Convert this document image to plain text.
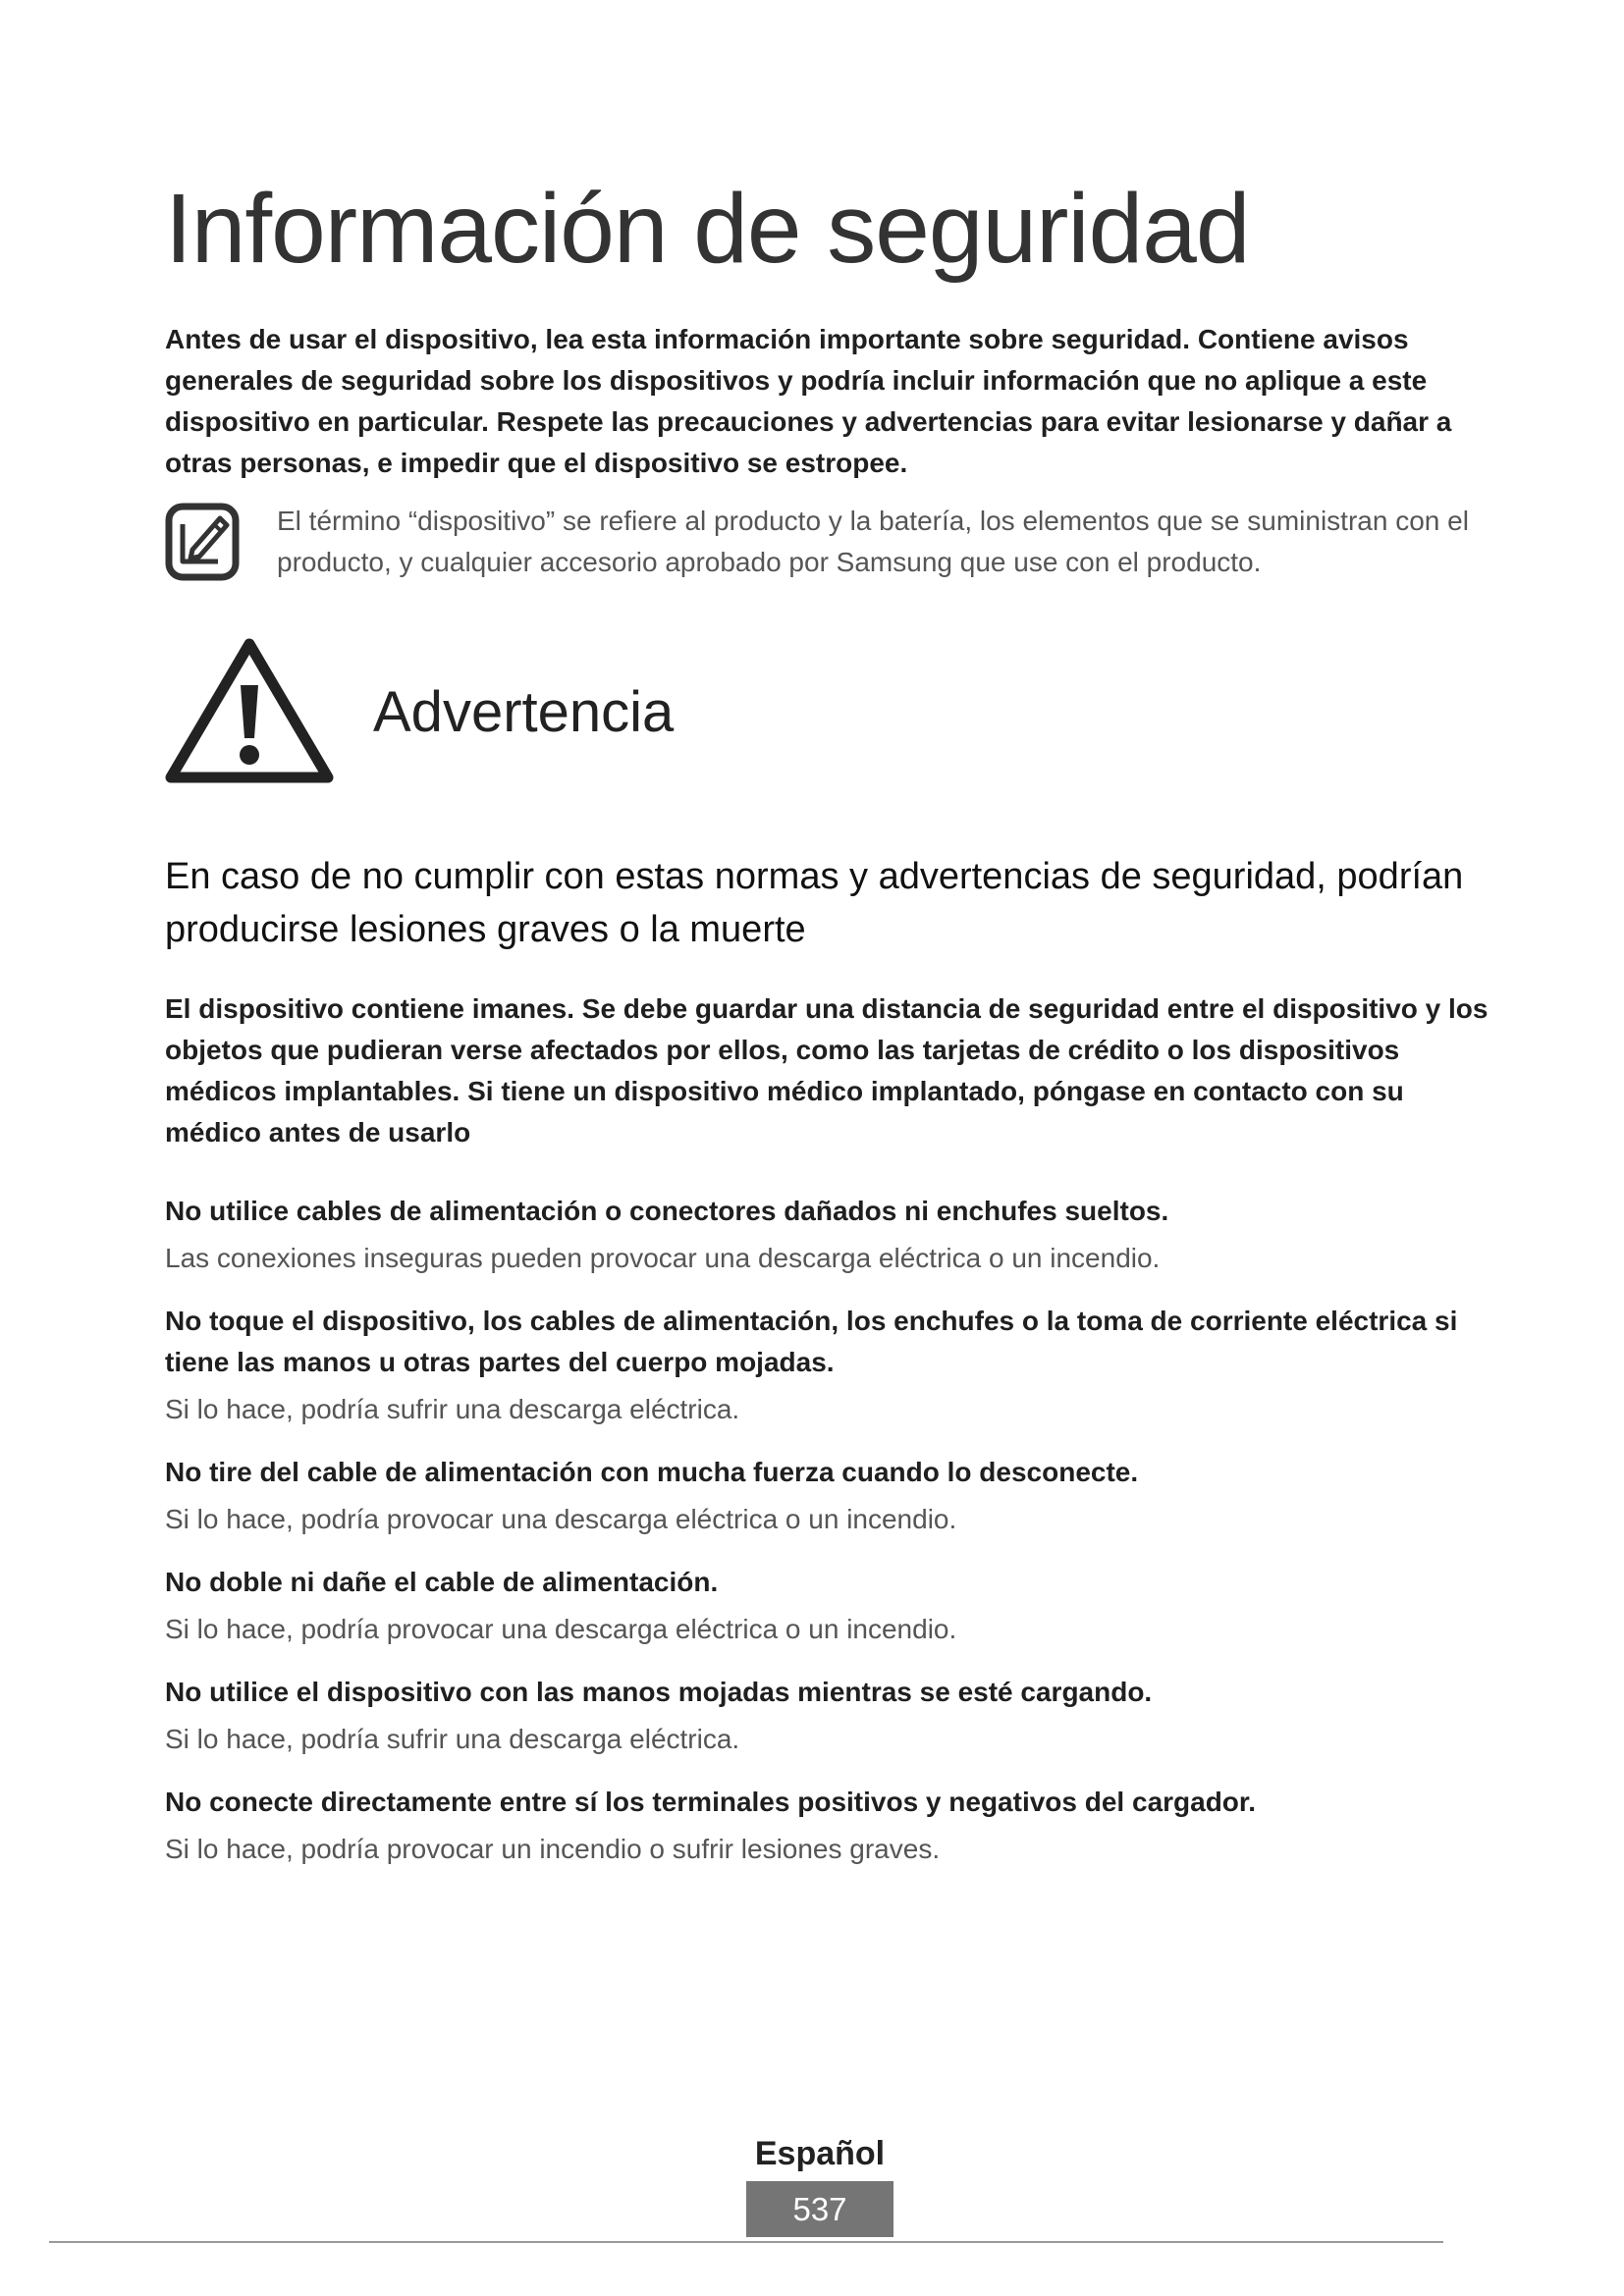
Información de seguridad

Antes de usar el dispositivo, lea esta información importante sobre seguridad. Contiene avisos generales de seguridad sobre los dispositivos y podría incluir información que no aplique a este dispositivo en particular. Respete las precauciones y advertencias para evitar lesionarse y dañar a otras personas, e impedir que el dispositivo se estropee.

El término “dispositivo” se refiere al producto y la batería, los elementos que se suministran con el producto, y cualquier accesorio aprobado por Samsung que use con el producto.

Advertencia
En caso de no cumplir con estas normas y advertencias de seguridad, podrían producirse lesiones graves o la muerte

El dispositivo contiene imanes. Se debe guardar una distancia de seguridad entre el dispositivo y los objetos que pudieran verse afectados por ellos, como las tarjetas de crédito o los dispositivos médicos implantables. Si tiene un dispositivo médico implantado, póngase en contacto con su médico antes de usarlo

No utilice cables de alimentación o conectores dañados ni enchufes sueltos.
Las conexiones inseguras pueden provocar una descarga eléctrica o un incendio.
No toque el dispositivo, los cables de alimentación, los enchufes o la toma de corriente eléctrica si tiene las manos u otras partes del cuerpo mojadas.
Si lo hace, podría sufrir una descarga eléctrica.
No tire del cable de alimentación con mucha fuerza cuando lo desconecte.
Si lo hace, podría provocar una descarga eléctrica o un incendio.
No doble ni dañe el cable de alimentación.
Si lo hace, podría provocar una descarga eléctrica o un incendio.
No utilice el dispositivo con las manos mojadas mientras se esté cargando.
Si lo hace, podría sufrir una descarga eléctrica.
No conecte directamente entre sí los terminales positivos y negativos del cargador.
Si lo hace, podría provocar un incendio o sufrir lesiones graves.
Español
537
